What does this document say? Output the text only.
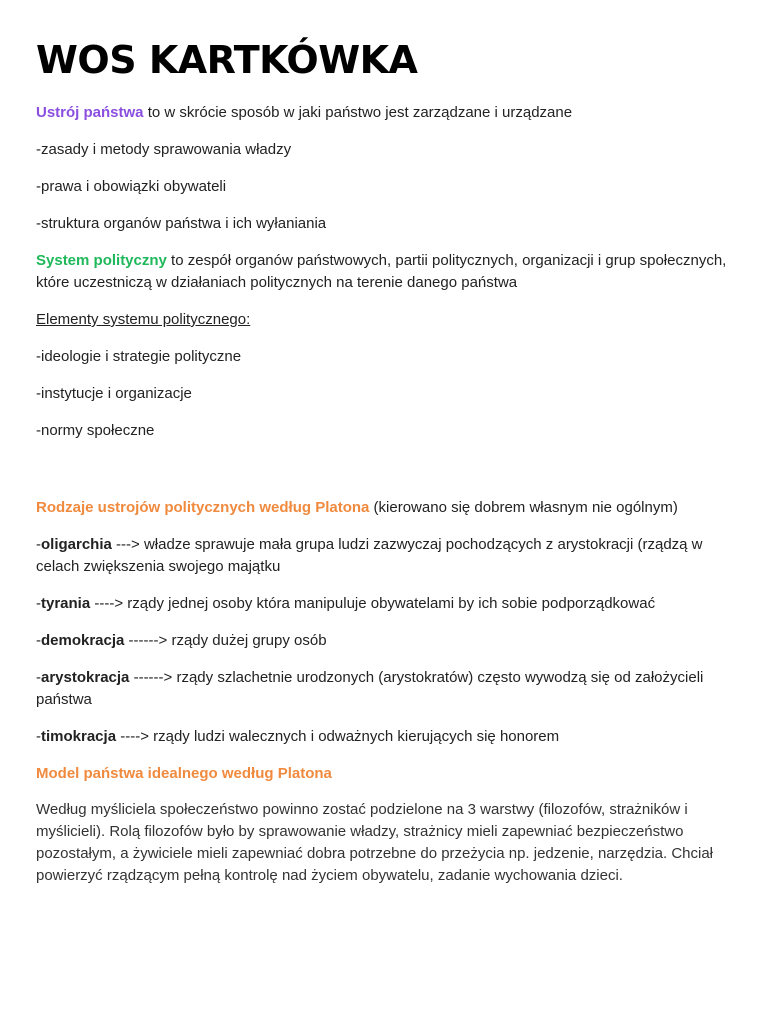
WOS KARTKÓWKA

Ustrój państwa to w skrócie sposób w jaki państwo jest zarządzane i urządzane

-zasady i metody sprawowania władzy

-prawa i obowiązki obywateli

-struktura organów państwa i ich wyłaniania

System polityczny to zespół organów państwowych, partii politycznych, organizacji i grup społecznych, które uczestniczą w działaniach politycznych na terenie danego państwa

Elementy systemu politycznego:

-ideologie i strategie polityczne

-instytucje i organizacje

-normy społeczne

Rodzaje ustrojów politycznych według Platona (kierowano się dobrem własnym nie ogólnym)

-oligarchia ---> władze sprawuje mała grupa ludzi zazwyczaj pochodzących z arystokracji (rządzą w celach zwiększenia swojego majątku

-tyrania ----> rządy jednej osoby która manipuluje obywatelami by ich sobie podporządkować

-demokracja ------> rządy dużej grupy osób

-arystokracja ------> rządy szlachetnie urodzonych (arystokratów) często wywodzą się od założycieli państwa

-timokracja ----> rządy ludzi walecznych i odważnych kierujących się honorem

Model państwa idealnego według Platona

Według myśliciela społeczeństwo powinno zostać podzielone na 3 warstwy (filozofów, strażników i myślicieli). Rolą filozofów było by sprawowanie władzy, strażnicy mieli zapewniać bezpieczeństwo pozostałym, a żywiciele mieli zapewniać dobra potrzebne do przeżycia np. jedzenie, narzędzia. Chciał powierzyć rządzącym pełną kontrolę nad życiem obywatelu, zadanie wychowania dzieci.
